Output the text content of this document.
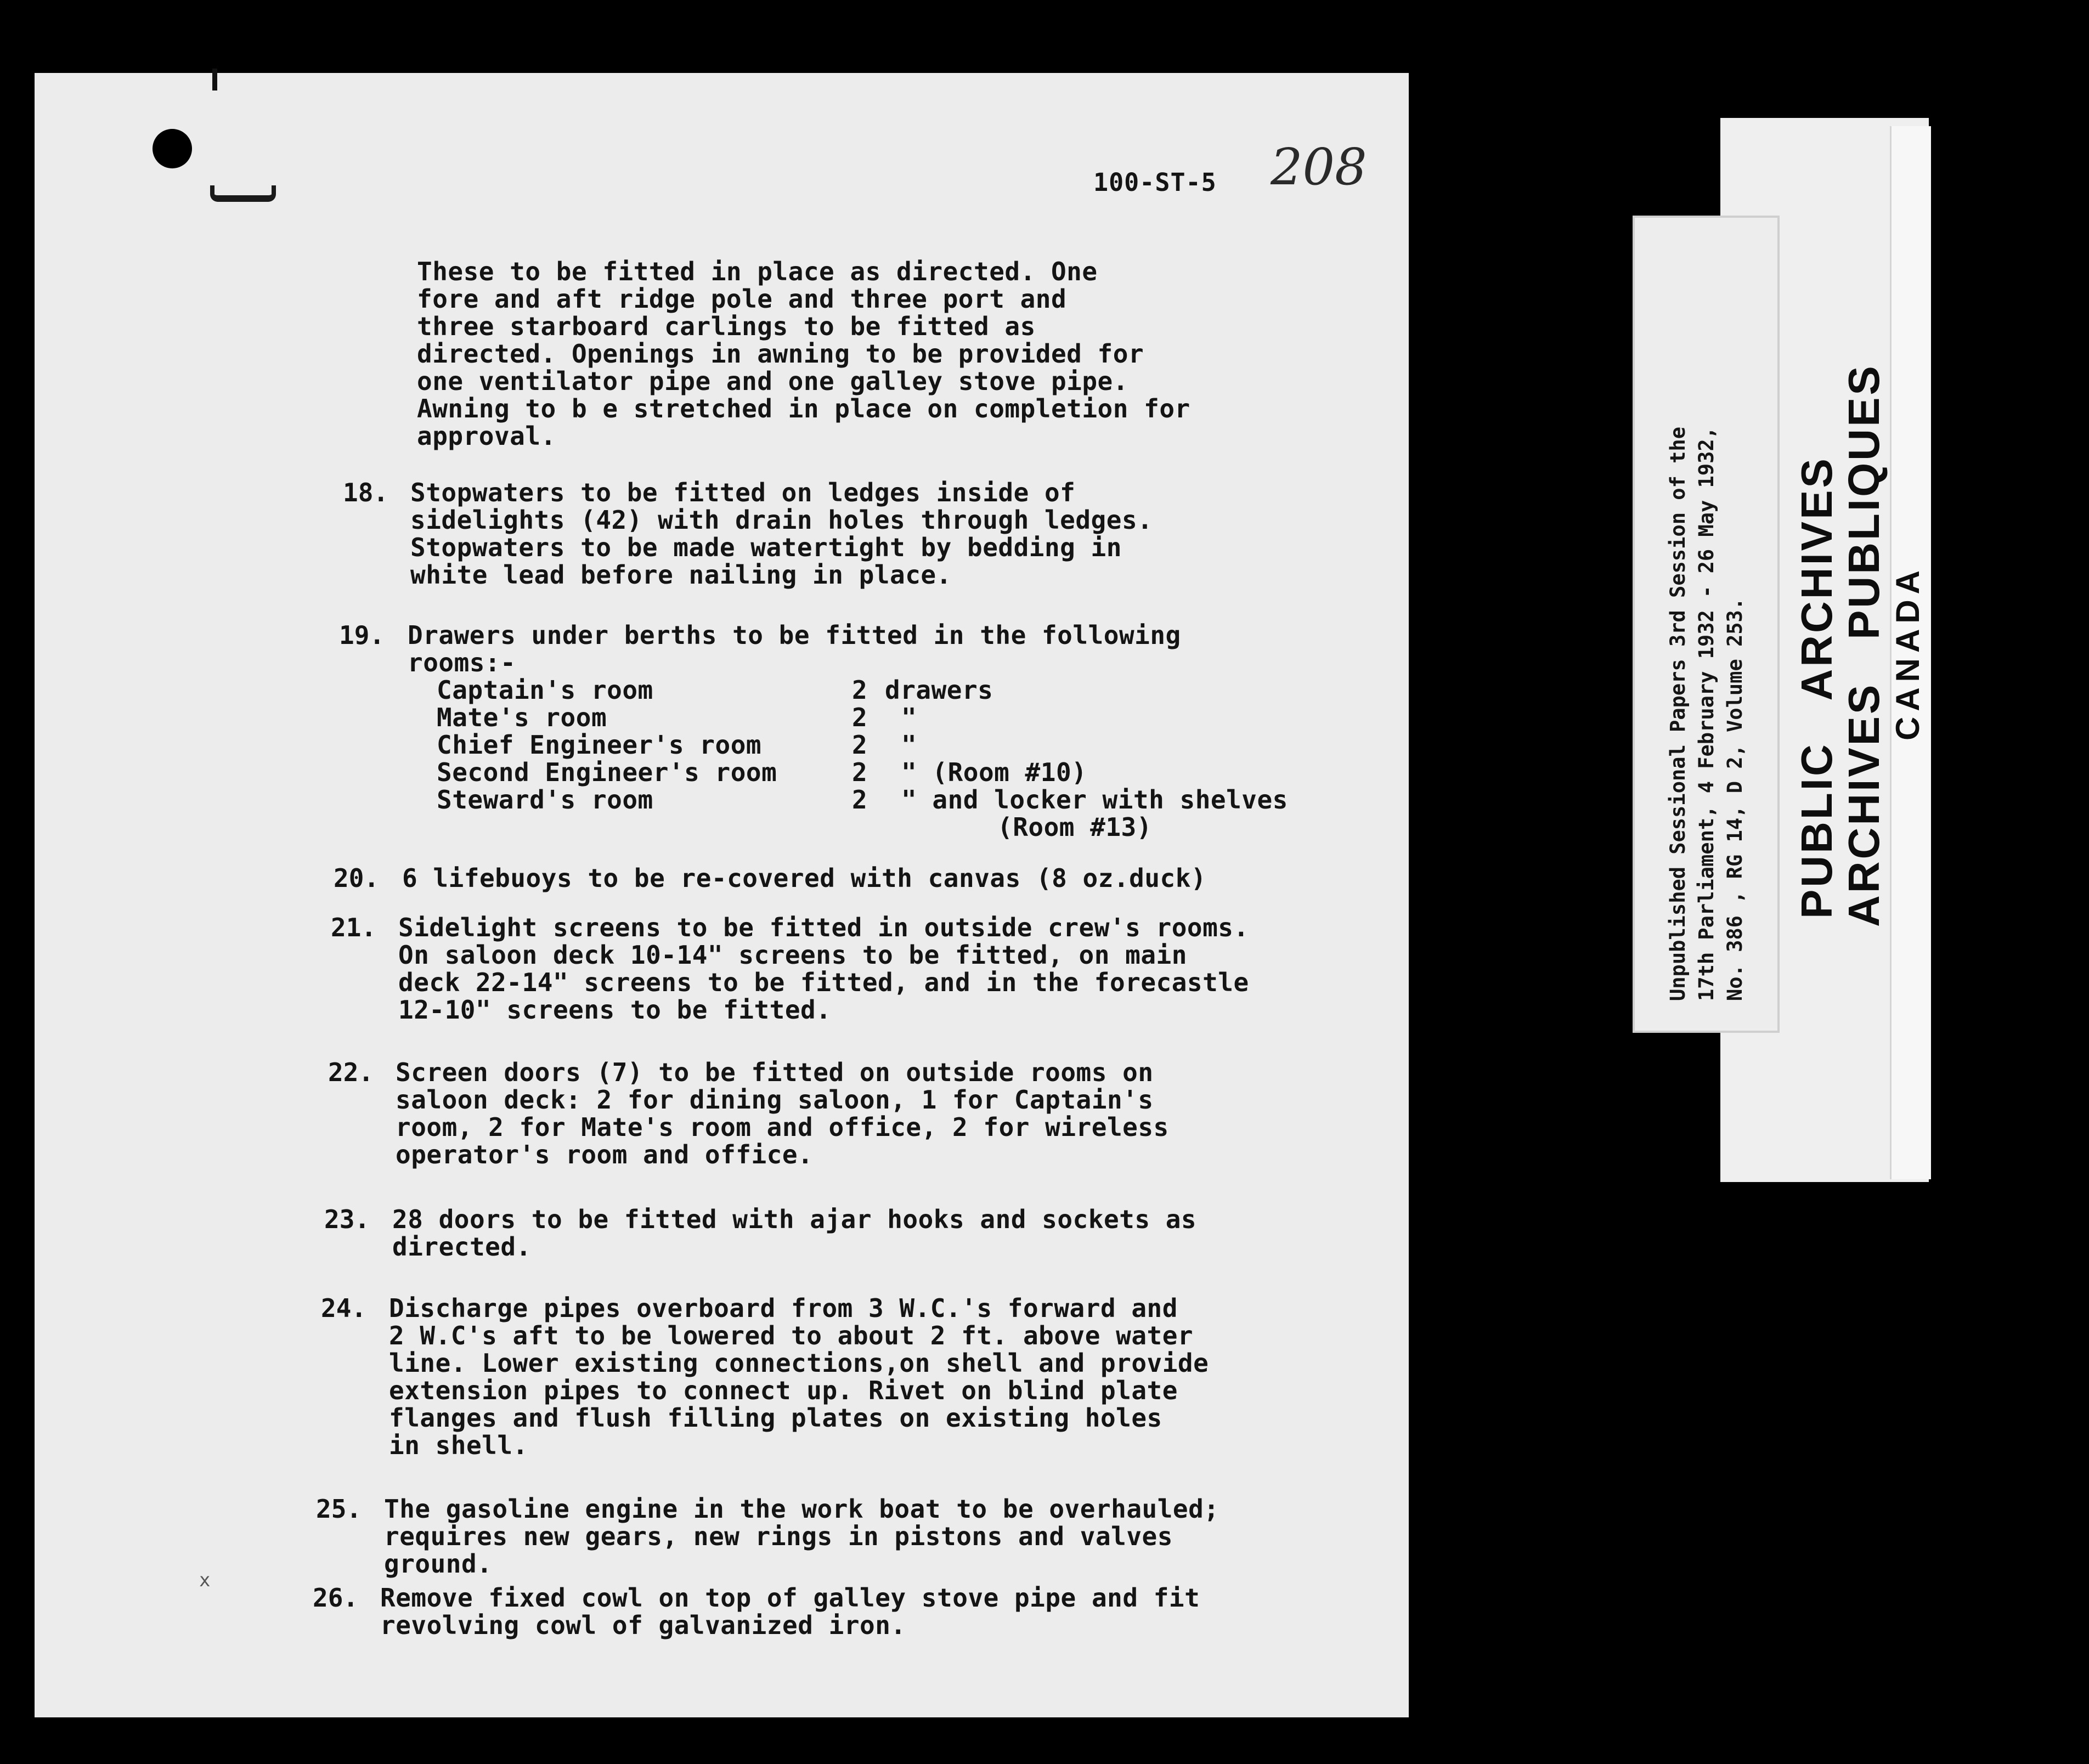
100-ST-5 208
x
These to be fitted in place as directed. One
fore and aft ridge pole and three port and
three starboard carlings to be fitted as
directed. Openings in awning to be provided for
one ventilator pipe and one galley stove pipe.
Awning to b e stretched in place on completion for
approval.
18. Stopwaters to be fitted on ledges inside of
sidelights (42) with drain holes through ledges.
Stopwaters to be made watertight by bedding in
white lead before nailing in place.
19. Drawers under berths to be fitted in the following
rooms:-
Captain's room	2 drawers
Mate's room	2 "
Chief Engineer's room	2 "
Second Engineer's room	2 " (Room #10)
Steward's room	2 " and locker with shelves
(Room #13)
20. 6 lifebuoys to be re-covered with canvas (8 oz.duck)
21. Sidelight screens to be fitted in outside crew's rooms.
On saloon deck 10-14" screens to be fitted, on main
deck 22-14" screens to be fitted, and in the forecastle
12-10" screens to be fitted.
22. Screen doors (7) to be fitted on outside rooms on
saloon deck: 2 for dining saloon, 1 for Captain's
room, 2 for Mate's room and office, 2 for wireless
operator's room and office.
23. 28 doors to be fitted with ajar hooks and sockets as
directed.
24. Discharge pipes overboard from 3 W.C.'s forward and
2 W.C's aft to be lowered to about 2 ft. above water
line. Lower existing connections,on shell and provide
extension pipes to connect up. Rivet on blind plate
flanges and flush filling plates on existing holes
in shell.
25. The gasoline engine in the work boat to be overhauled;
requires new gears, new rings in pistons and valves
ground.
26. Remove fixed cowl on top of galley stove pipe and fit
revolving cowl of galvanized iron.
PUBLIC   ARCHIVES
ARCHIVES   PUBLIQUES CANADA
Unpublished Sessional Papers 3rd Session of the 17th Parliament, 4 February 1932 - 26 May 1932, No. 386 , RG 14, D 2, Volume 253.
